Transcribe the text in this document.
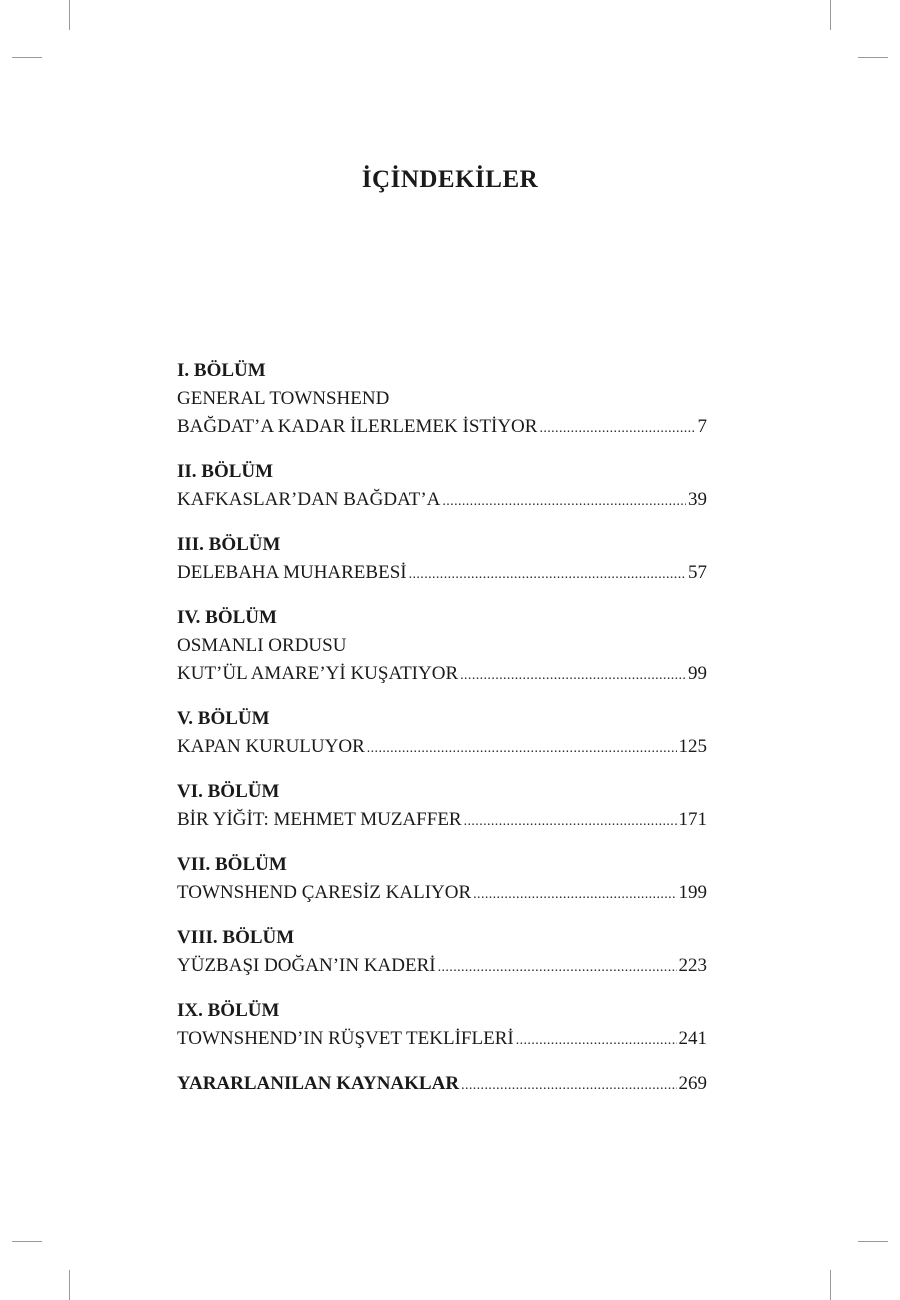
İÇİNDEKİLER
I. BÖLÜM
GENERAL TOWNSHEND
BAĞDAT’A KADAR İLERLEMEK İSTİYOR .....	7
II. BÖLÜM
KAFKASLAR’DAN BAĞDAT’A .....	39
III. BÖLÜM
DELEBAHA MUHAREBESİ .....	57
IV. BÖLÜM
OSMANLI ORDUSU
KUT’ÜL AMARE’Yİ KUŞATIYOR .....	99
V. BÖLÜM
KAPAN KURULUYOR .....	125
VI. BÖLÜM
BİR YİĞİT: MEHMET MUZAFFER .....	171
VII. BÖLÜM
TOWNSHEND ÇARESİZ KALIYOR .....	199
VIII. BÖLÜM
YÜZBAŞI DOĞAN’IN KADERİ .....	223
IX. BÖLÜM
TOWNSHEND’IN RÜŞVET TEKLİFLERİ .....	241
YARARLANILAN KAYNAKLAR .....	269
